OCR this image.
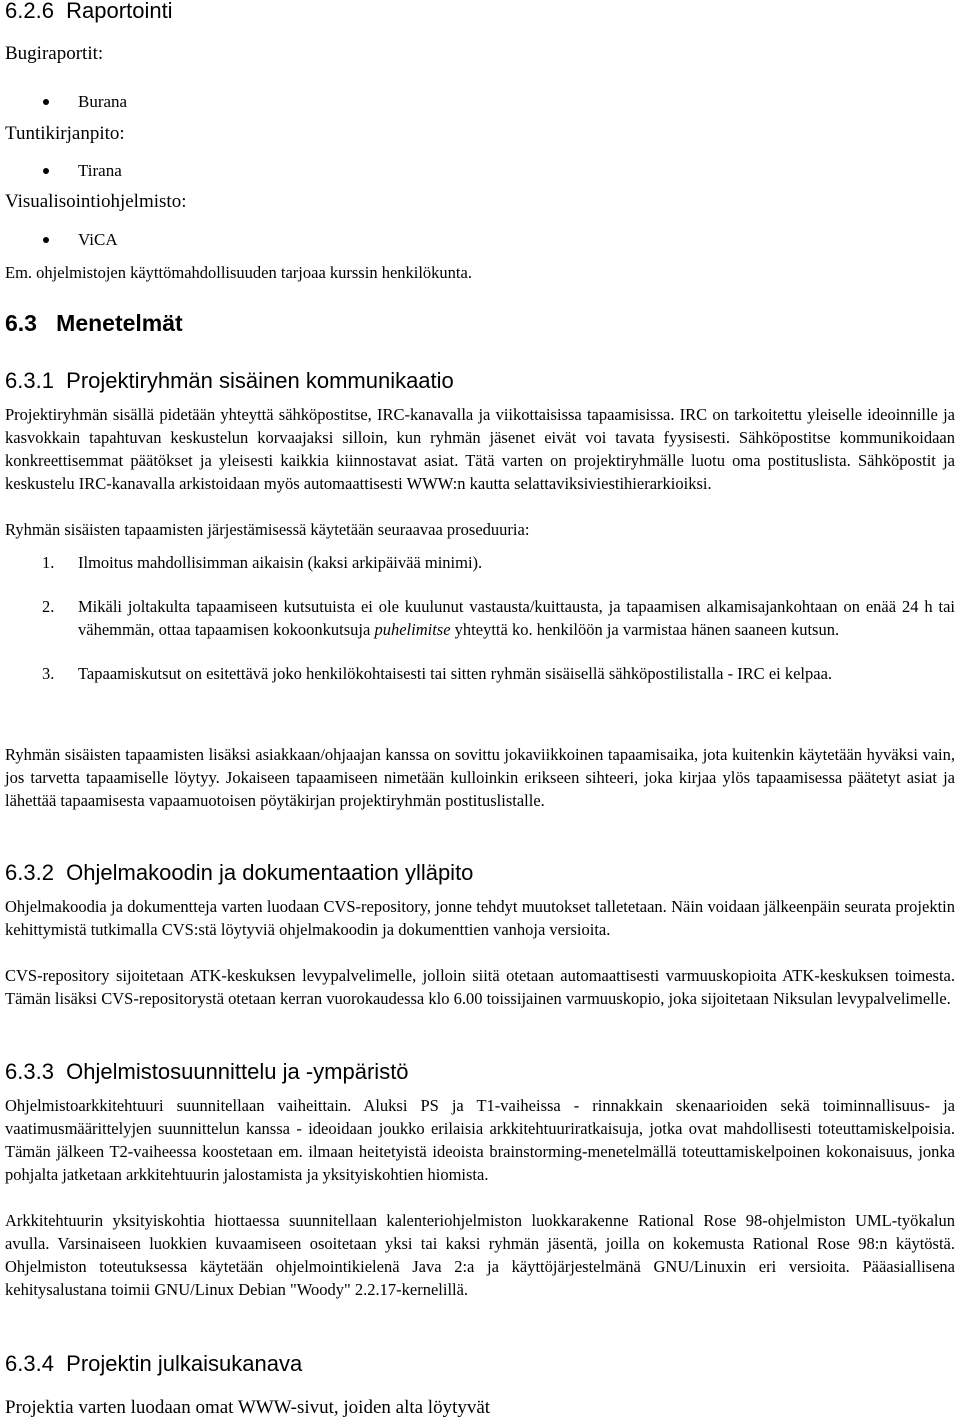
6.2.6 Raportointi

Bugiraportit:

Burana

Tuntikirjanpito:

Tirana

Visualisointiohjelmisto:

ViCA

Em. ohjelmistojen käyttömahdollisuuden tarjoaa kurssin henkilökunta.

6.3 Menetelmät
6.3.1 Projektiryhmän sisäinen kommunikaatio

Projektiryhmän sisällä pidetään yhteyttä sähköpostitse, IRC-kanavalla ja viikottaisissa tapaamisissa. IRC on tarkoitettu yleiselle ideoinnille ja kasvokkain tapahtuvan keskustelun korvaajaksi silloin, kun ryhmän jäsenet eivät voi tavata fyysisesti. Sähköpostitse kommunikoidaan konkreettisemmat päätökset ja yleisesti kaikkia kiinnostavat asiat. Tätä varten on projektiryhmälle luotu oma postituslista. Sähköpostit ja keskustelu IRC-kanavalla arkistoidaan myös automaattisesti WWW:n kautta selattaviksiviestihierarkioiksi.

Ryhmän sisäisten tapaamisten järjestämisessä käytetään seuraavaa proseduuria:

1. Ilmoitus mahdollisimman aikaisin (kaksi arkipäivää minimi).
2. Mikäli joltakulta tapaamiseen kutsutuista ei ole kuulunut vastausta/kuittausta, ja tapaamisen alkamisajankohtaan on enää 24 h tai vähemmän, ottaa tapaamisen kokoonkutsuja puhelimitse yhteyttä ko. henkilöön ja varmistaa hänen saaneen kutsun.
3. Tapaamiskutsut on esitettävä joko henkilökohtaisesti tai sitten ryhmän sisäisellä sähköpostilistalla - IRC ei kelpaa.

Ryhmän sisäisten tapaamisten lisäksi asiakkaan/ohjaajan kanssa on sovittu jokaviikkoinen tapaamisaika, jota kuitenkin käytetään hyväksi vain, jos tarvetta tapaamiselle löytyy. Jokaiseen tapaamiseen nimetään kulloinkin erikseen sihteeri, joka kirjaa ylös tapaamisessa päätetyt asiat ja lähettää tapaamisesta vapaamuotoisen pöytäkirjan projektiryhmän postituslistalle.

6.3.2 Ohjelmakoodin ja dokumentaation ylläpito

Ohjelmakoodia ja dokumentteja varten luodaan CVS-repository, jonne tehdyt muutokset talletetaan. Näin voidaan jälkeenpäin seurata projektin kehittymistä tutkimalla CVS:stä löytyviä ohjelmakoodin ja dokumenttien vanhoja versioita.

CVS-repository sijoitetaan ATK-keskuksen levypalvelimelle, jolloin siitä otetaan automaattisesti varmuuskopioita ATK-keskuksen toimesta. Tämän lisäksi CVS-repositorystä otetaan kerran vuorokaudessa klo 6.00 toissijainen varmuuskopio, joka sijoitetaan Niksulan levypalvelimelle.

6.3.3 Ohjelmistosuunnittelu ja -ympäristö

Ohjelmistoarkkitehtuuri suunnitellaan vaiheittain. Aluksi PS ja T1-vaiheissa - rinnakkain skenaarioiden sekä toiminnallisuus- ja vaatimusmäärittelyjen suunnittelun kanssa - ideoidaan joukko erilaisia arkkitehtuuriratkaisuja, jotka ovat mahdollisesti toteuttamiskelpoisia. Tämän jälkeen T2-vaiheessa koostetaan em. ilmaan heitetyistä ideoista brainstorming-menetelmällä toteuttamiskelpoinen kokonaisuus, jonka pohjalta jatketaan arkkitehtuurin jalostamista ja yksityiskohtien hiomista.

Arkkitehtuurin yksityiskohtia hiottaessa suunnitellaan kalenteriohjelmiston luokkarakenne Rational Rose 98-ohjelmiston UML-työkalun avulla. Varsinaiseen luokkien kuvaamiseen osoitetaan yksi tai kaksi ryhmän jäsentä, joilla on kokemusta Rational Rose 98:n käytöstä. Ohjelmiston toteutuksessa käytetään ohjelmointikielenä Java 2:a ja käyttöjärjestelmänä GNU/Linuxin eri versioita. Pääasiallisena kehitysalustana toimii GNU/Linux Debian "Woody" 2.2.17-kernelillä.

6.3.4 Projektin julkaisukanava

Projektia varten luodaan omat WWW-sivut, joiden alta löytyvät
